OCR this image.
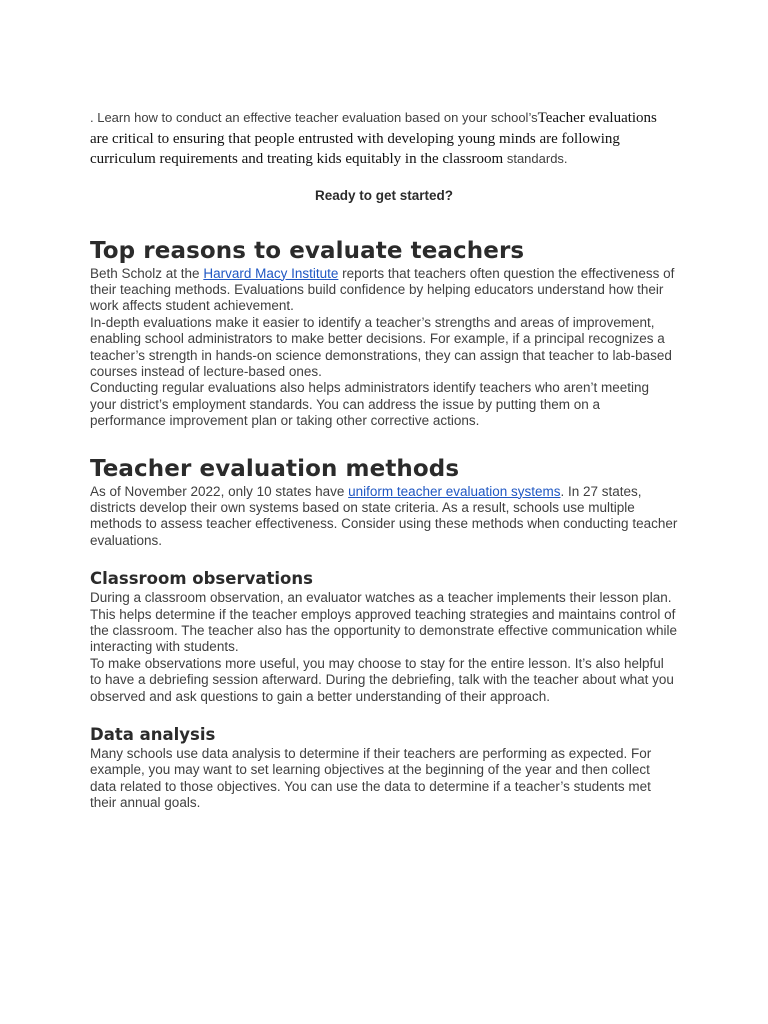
. Learn how to conduct an effective teacher evaluation based on your school’sTeacher evaluations are critical to ensuring that people entrusted with developing young minds are following curriculum requirements and treating kids equitably in the classroom standards.

Ready to get started?

Top reasons to evaluate teachers

Beth Scholz at the Harvard Macy Institute reports that teachers often question the effectiveness of their teaching methods. Evaluations build confidence by helping educators understand how their work affects student achievement.

In-depth evaluations make it easier to identify a teacher’s strengths and areas of improvement, enabling school administrators to make better decisions. For example, if a principal recognizes a teacher’s strength in hands-on science demonstrations, they can assign that teacher to lab-based courses instead of lecture-based ones.

Conducting regular evaluations also helps administrators identify teachers who aren’t meeting your district’s employment standards. You can address the issue by putting them on a performance improvement plan or taking other corrective actions.

Teacher evaluation methods

As of November 2022, only 10 states have uniform teacher evaluation systems. In 27 states, districts develop their own systems based on state criteria. As a result, schools use multiple methods to assess teacher effectiveness. Consider using these methods when conducting teacher evaluations.

Classroom observations

During a classroom observation, an evaluator watches as a teacher implements their lesson plan. This helps determine if the teacher employs approved teaching strategies and maintains control of the classroom. The teacher also has the opportunity to demonstrate effective communication while interacting with students.

To make observations more useful, you may choose to stay for the entire lesson. It’s also helpful to have a debriefing session afterward. During the debriefing, talk with the teacher about what you observed and ask questions to gain a better understanding of their approach.

Data analysis

Many schools use data analysis to determine if their teachers are performing as expected. For example, you may want to set learning objectives at the beginning of the year and then collect data related to those objectives. You can use the data to determine if a teacher’s students met their annual goals.
